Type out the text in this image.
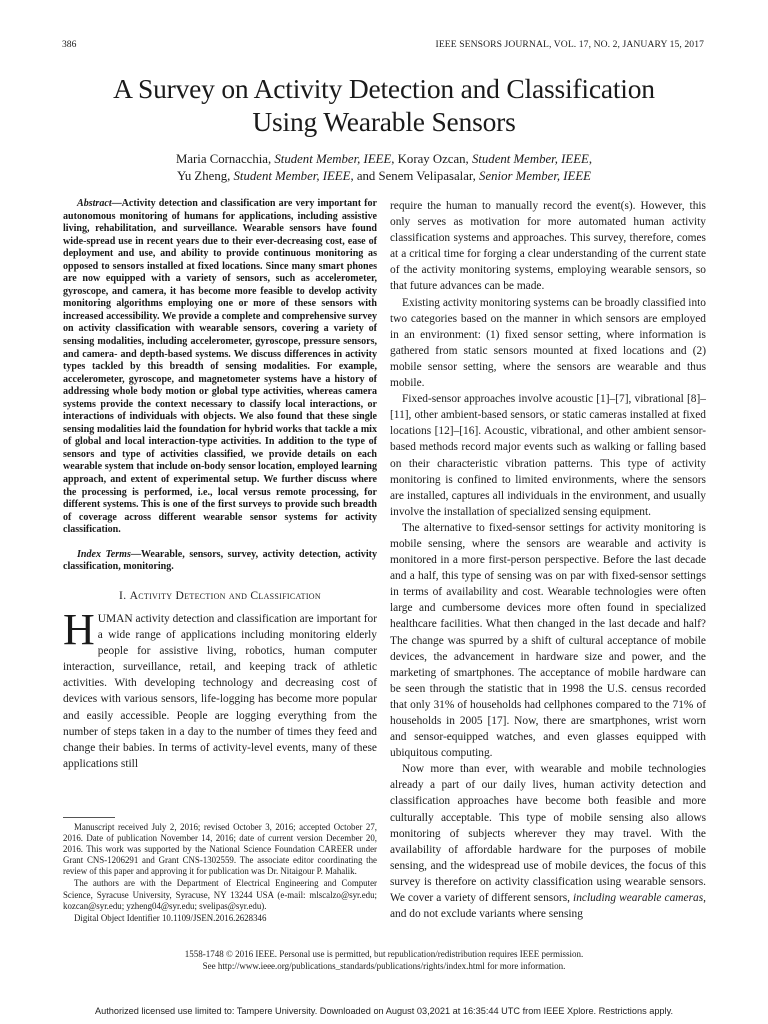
386	IEEE SENSORS JOURNAL, VOL. 17, NO. 2, JANUARY 15, 2017
A Survey on Activity Detection and Classification
Using Wearable Sensors
Maria Cornacchia, Student Member, IEEE, Koray Ozcan, Student Member, IEEE,
Yu Zheng, Student Member, IEEE, and Senem Velipasalar, Senior Member, IEEE

Abstract—Activity detection and classification are very important for autonomous monitoring of humans for applications, including assistive living, rehabilitation, and surveillance. Wearable sensors have found wide-spread use in recent years due to their ever-decreasing cost, ease of deployment and use, and ability to provide continuous monitoring as opposed to sensors installed at fixed locations. Since many smart phones are now equipped with a variety of sensors, such as accelerometer, gyroscope, and camera, it has become more feasible to develop activity monitoring algorithms employing one or more of these sensors with increased accessibility. We provide a complete and comprehensive survey on activity classification with wearable sensors, covering a variety of sensing modalities, including accelerometer, gyroscope, pressure sensors, and camera- and depth-based systems. We discuss differences in activity types tackled by this breadth of sensing modalities. For example, accelerometer, gyroscope, and magnetometer systems have a history of addressing whole body motion or global type activities, whereas camera systems provide the context necessary to classify local interactions, or interactions of individuals with objects. We also found that these single sensing modalities laid the foundation for hybrid works that tackle a mix of global and local interaction-type activities. In addition to the type of sensors and type of activities classified, we provide details on each wearable system that include on-body sensor location, employed learning approach, and extent of experimental setup. We further discuss where the processing is performed, i.e., local versus remote processing, for different systems. This is one of the first surveys to provide such breadth of coverage across different wearable sensor systems for activity classification.

Index Terms—Wearable, sensors, survey, activity detection, activity classification, monitoring.

I. Activity Detection and Classification

HUMAN activity detection and classification are important for a wide range of applications including monitoring elderly people for assistive living, robotics, human computer interaction, surveillance, retail, and keeping track of athletic activities. With developing technology and decreasing cost of devices with various sensors, life-logging has become more popular and easily accessible. People are logging everything from the number of steps taken in a day to the number of times they feed and change their babies. In terms of activity-level events, many of these applications still

Manuscript received July 2, 2016; revised October 3, 2016; accepted October 27, 2016. Date of publication November 14, 2016; date of current version December 20, 2016. This work was supported by the National Science Foundation CAREER under Grant CNS-1206291 and Grant CNS-1302559. The associate editor coordinating the review of this paper and approving it for publication was Dr. Nitaigour P. Mahalik.

The authors are with the Department of Electrical Engineering and Computer Science, Syracuse University, Syracuse, NY 13244 USA (e-mail: mlscalzo@syr.edu; kozcan@syr.edu; yzheng04@syr.edu; svelipas@syr.edu).

Digital Object Identifier 10.1109/JSEN.2016.2628346

require the human to manually record the event(s). However, this only serves as motivation for more automated human activity classification systems and approaches. This survey, therefore, comes at a critical time for forging a clear understanding of the current state of the activity monitoring systems, employing wearable sensors, so that future advances can be made.

Existing activity monitoring systems can be broadly classified into two categories based on the manner in which sensors are employed in an environment: (1) fixed sensor setting, where information is gathered from static sensors mounted at fixed locations and (2) mobile sensor setting, where the sensors are wearable and thus mobile.

Fixed-sensor approaches involve acoustic [1]–[7], vibrational [8]–[11], other ambient-based sensors, or static cameras installed at fixed locations [12]–[16]. Acoustic, vibrational, and other ambient sensor-based methods record major events such as walking or falling based on their characteristic vibration patterns. This type of activity monitoring is confined to limited environments, where the sensors are installed, captures all individuals in the environment, and usually involve the installation of specialized sensing equipment.

The alternative to fixed-sensor settings for activity monitoring is mobile sensing, where the sensors are wearable and activity is monitored in a more first-person perspective. Before the last decade and a half, this type of sensing was on par with fixed-sensor settings in terms of availability and cost. Wearable technologies were often large and cumbersome devices more often found in specialized healthcare facilities. What then changed in the last decade and half? The change was spurred by a shift of cultural acceptance of mobile devices, the advancement in hardware size and power, and the marketing of smartphones. The acceptance of mobile hardware can be seen through the statistic that in 1998 the U.S. census recorded that only 31% of households had cellphones compared to the 71% of households in 2005 [17]. Now, there are smartphones, wrist worn and sensor-equipped watches, and even glasses equipped with ubiquitous computing.

Now more than ever, with wearable and mobile technologies already a part of our daily lives, human activity detection and classification approaches have become both feasible and more culturally acceptable. This type of mobile sensing also allows monitoring of subjects wherever they may travel. With the availability of affordable hardware for the purposes of mobile sensing, and the widespread use of mobile devices, the focus of this survey is therefore on activity classification using wearable sensors. We cover a variety of different sensors, including wearable cameras, and do not exclude variants where sensing

1558-1748 © 2016 IEEE. Personal use is permitted, but republication/redistribution requires IEEE permission.
See http://www.ieee.org/publications_standards/publications/rights/index.html for more information.
Authorized licensed use limited to: Tampere University. Downloaded on August 03,2021 at 16:35:44 UTC from IEEE Xplore. Restrictions apply.
